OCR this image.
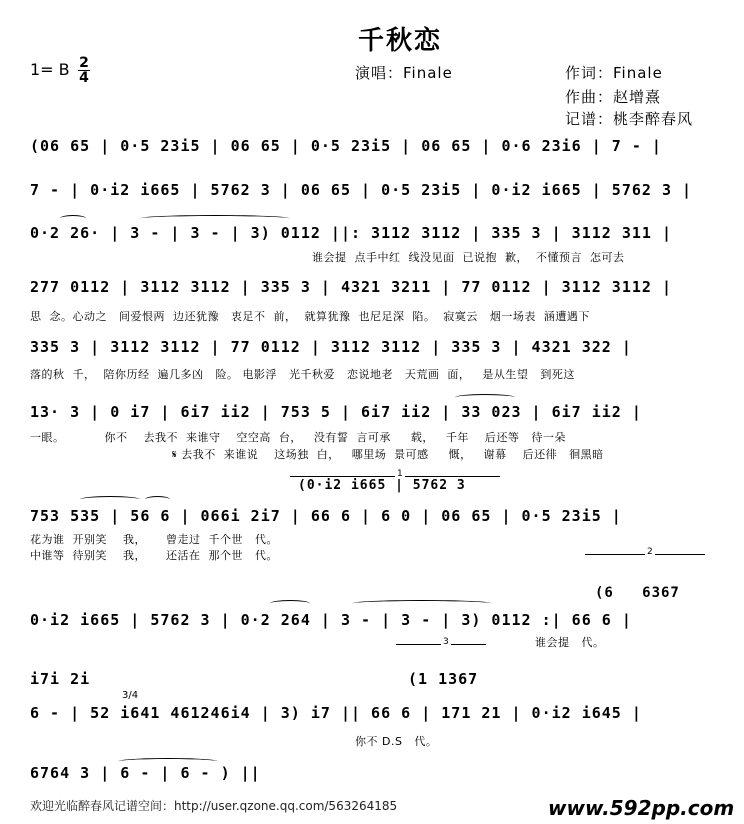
千秋恋
1= B 2
4	演唱：Finale	作词：Finale
作曲：赵增熹
记谱：桃李醉春风
(06 65 | 0·5 23i5 | 06 65 | 0·5 23i5 | 06 65 | 0·6 23i6 | 7 - |
7 - | 0·i2 i665 | 5762 3 | 06 65 | 0·5 23i5 | 0·i2 i665 | 5762 3 |
0·2 26· | 3 - | 3 - | 3) 0112 ||: 3112 3112 | 335 3 | 3112 311 |
谁会提  点手中红  线没见面  已说抱  歉，  不懂预言  怎可去
277 0112 | 3112 3112 | 335 3 | 4321 3211 | 77 0112 | 3112 3112 |
思  念。心动之   间爱恨两  边还犹豫   衷足不  前，  就算犹豫  也尼足深  陷。  寂寞云   烟一场表  涵遭遇下
335 3 | 3112 3112 | 77 0112 | 3112 3112 | 335 3 | 4321 322 |
落的秋  千，  陪你历经  遍几多凶   险。 电影浮   光千秋爱   恋说地老   天荒画  面，   是从生望   到死这
13· 3 | 0 i7 | 6i7 ii2 | 753 5 | 6i7 ii2 | 33 023 | 6i7 ii2 |
一眼。          你不    去我不  来谁守    空空高  台，   没有誓  言可承     载，   千年    后还等   待一朵
𝄋 去我不  来谁说    这场独  白，   哪里场  景可感     慨，   谢幕    后还徘   徊黑暗
1
(0·i2 i665 | 5762 3
753 535 | 56 6 | 066i 2i7 | 66 6 | 6 0 | 06 65 | 0·5 23i5 |
花为谁  开别笑    我，     曾走过  千个世   代。
中谁等  待别笑    我，     还活在  那个世   代。	2
(6   6367
0·i2 i665 | 5762 3 | 0·2 264 | 3 - | 3 - | 3) 0112 :| 66 6 |
谁会提   代。
3
i7i 2i	(1 1367
3/4
6 - | 52 i641 461246i4 | 3) i7 || 66 6 | 171 21 | 0·i2 i645 |
你不 D.S   代。
6764 3 | 6 - | 6 - ) ||
欢迎光临醉春风记谱空间：http://user.qzone.qq.com/563264185	www.592pp.com
